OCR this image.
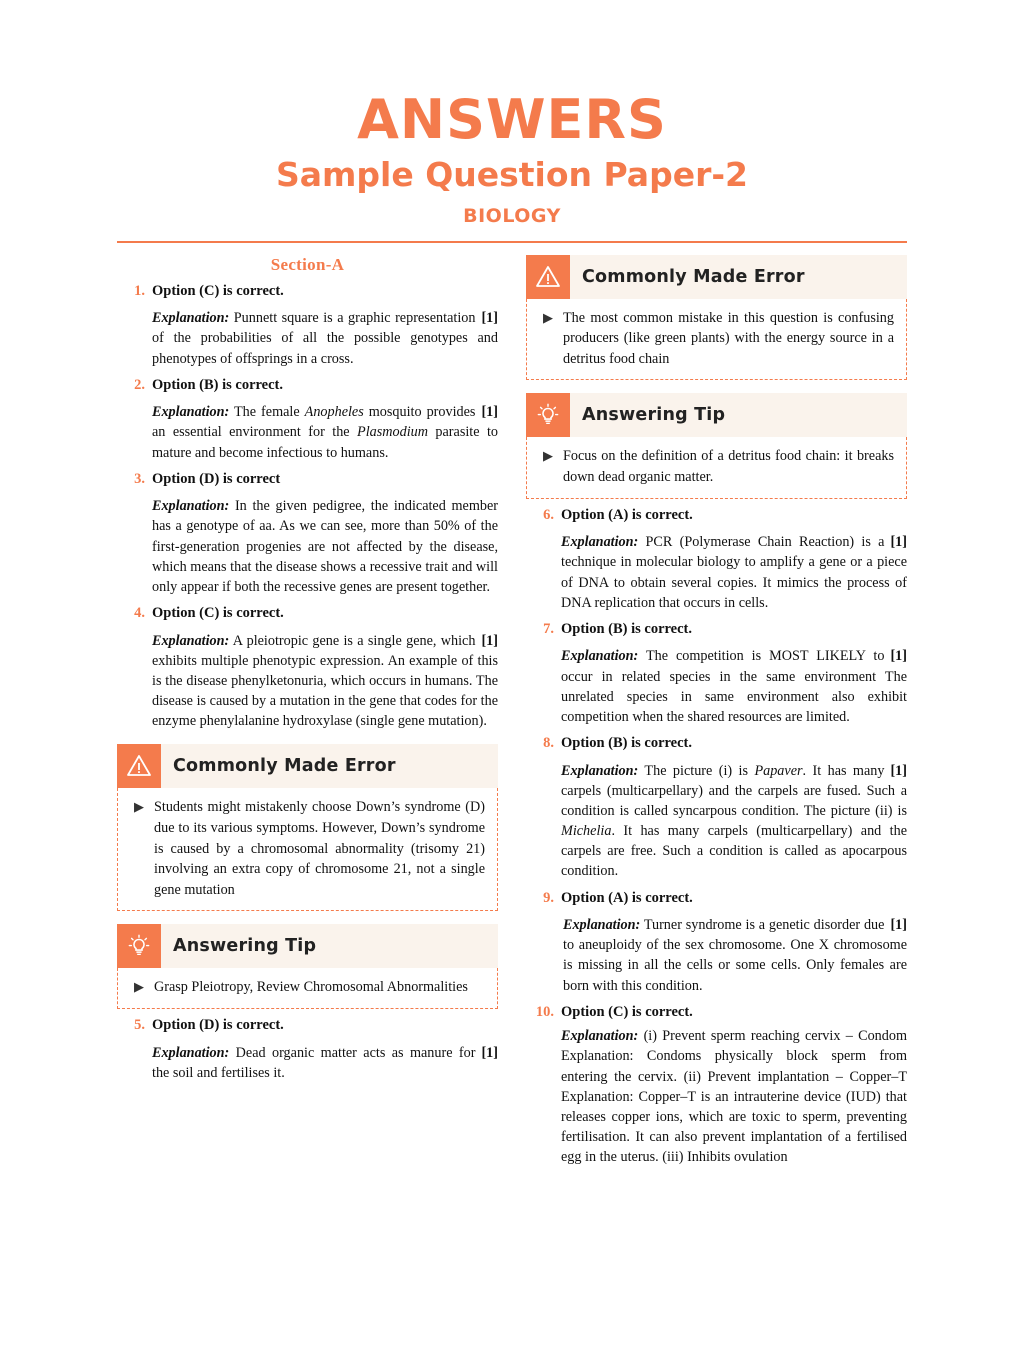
ANSWERS
Sample Question Paper-2
BIOLOGY
Section-A
1. Option (C) is correct.
[1]
Explanation: Punnett square is a graphic representation of the probabilities of all the possible genotypes and phenotypes of offsprings in a cross.
2. Option (B) is correct.
[1]
Explanation: The female Anopheles mosquito provides an essential environment for the Plasmodium parasite to mature and become infectious to humans.
3. Option (D) is correct
Explanation: In the given pedigree, the indicated member has a genotype of aa. As we can see, more than 50% of the first-generation progenies are not affected by the disease, which means that the disease shows a recessive trait and will only appear if both the recessive genes are present together.
4. Option (C) is correct.
[1]
Explanation: A pleiotropic gene is a single gene, which exhibits multiple phenotypic expression. An example of this is the disease phenylketonuria, which occurs in humans. The disease is caused by a mutation in the gene that codes for the enzyme phenylalanine hydroxylase (single gene mutation).
Commonly Made Error
▶ Students might mistakenly choose Down’s syndrome (D) due to its various symptoms. However, Down’s syndrome is caused by a chromosomal abnormality (trisomy 21) involving an extra copy of chromosome 21, not a single gene mutation
Answering Tip
▶ Grasp Pleiotropy, Review Chromosomal Abnormalities
5. Option (D) is correct.
[1]
Explanation: Dead organic matter acts as manure for the soil and fertilises it.
Commonly Made Error
▶ The most common mistake in this question is confusing producers (like green plants) with the energy source in a detritus food chain
Answering Tip
▶ Focus on the definition of a detritus food chain: it breaks down dead organic matter.
6. Option (A) is correct.
[1]
Explanation: PCR (Polymerase Chain Reaction) is a technique in molecular biology to amplify a gene or a piece of DNA to obtain several copies. It mimics the process of DNA replication that occurs in cells.
7. Option (B) is correct.
[1]
Explanation: The competition is MOST LIKELY to occur in related species in the same environment The unrelated species in same environment also exhibit competition when the shared resources are limited.
8. Option (B) is correct.
[1]
Explanation: The picture (i) is Papaver. It has many carpels (multicarpellary) and the carpels are fused. Such a condition is called syncarpous condition. The picture (ii) is Michelia. It has many carpels (multicarpellary) and the carpels are free. Such a condition is called as apocarpous condition.
9. Option (A) is correct.
[1]
Explanation: Turner syndrome is a genetic disorder due to aneuploidy of the sex chromosome. One X chromosome is missing in all the cells or some cells. Only females are born with this condition.
10. Option (C) is correct.
Explanation: (i) Prevent sperm reaching cervix – Condom Explanation: Condoms physically block sperm from entering the cervix. (ii) Prevent implantation – Copper–T Explanation: Copper–T is an intrauterine device (IUD) that releases copper ions, which are toxic to sperm, preventing fertilisation. It can also prevent implantation of a fertilised egg in the uterus. (iii) Inhibits ovulation
